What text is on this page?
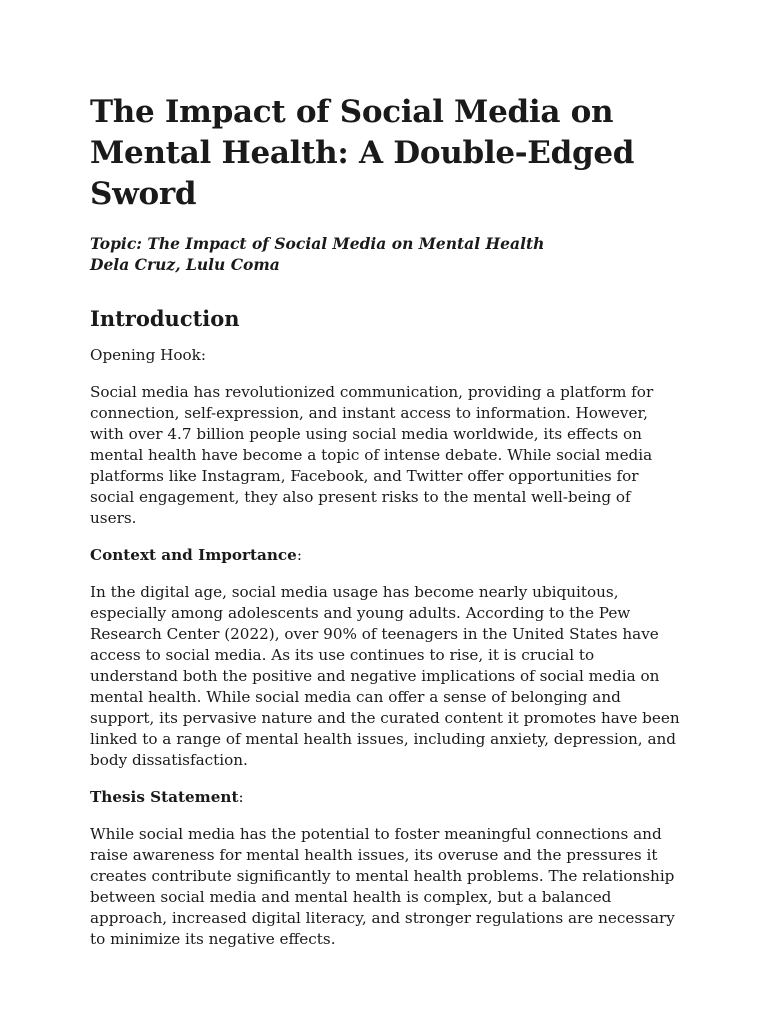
The Impact of Social Media on Mental Health: A Double-Edged Sword

Topic: The Impact of Social Media on Mental Health

Dela Cruz, Lulu Coma

Introduction

Opening Hook:

Social media has revolutionized communication, providing a platform for connection, self-expression, and instant access to information. However, with over 4.7 billion people using social media worldwide, its effects on mental health have become a topic of intense debate. While social media platforms like Instagram, Facebook, and Twitter offer opportunities for social engagement, they also present risks to the mental well-being of users.

Context and Importance:

In the digital age, social media usage has become nearly ubiquitous, especially among adolescents and young adults. According to the Pew Research Center (2022), over 90% of teenagers in the United States have access to social media. As its use continues to rise, it is crucial to understand both the positive and negative implications of social media on mental health. While social media can offer a sense of belonging and support, its pervasive nature and the curated content it promotes have been linked to a range of mental health issues, including anxiety, depression, and body dissatisfaction.

Thesis Statement:

While social media has the potential to foster meaningful connections and raise awareness for mental health issues, its overuse and the pressures it creates contribute significantly to mental health problems. The relationship between social media and mental health is complex, but a balanced approach, increased digital literacy, and stronger regulations are necessary to minimize its negative effects.
